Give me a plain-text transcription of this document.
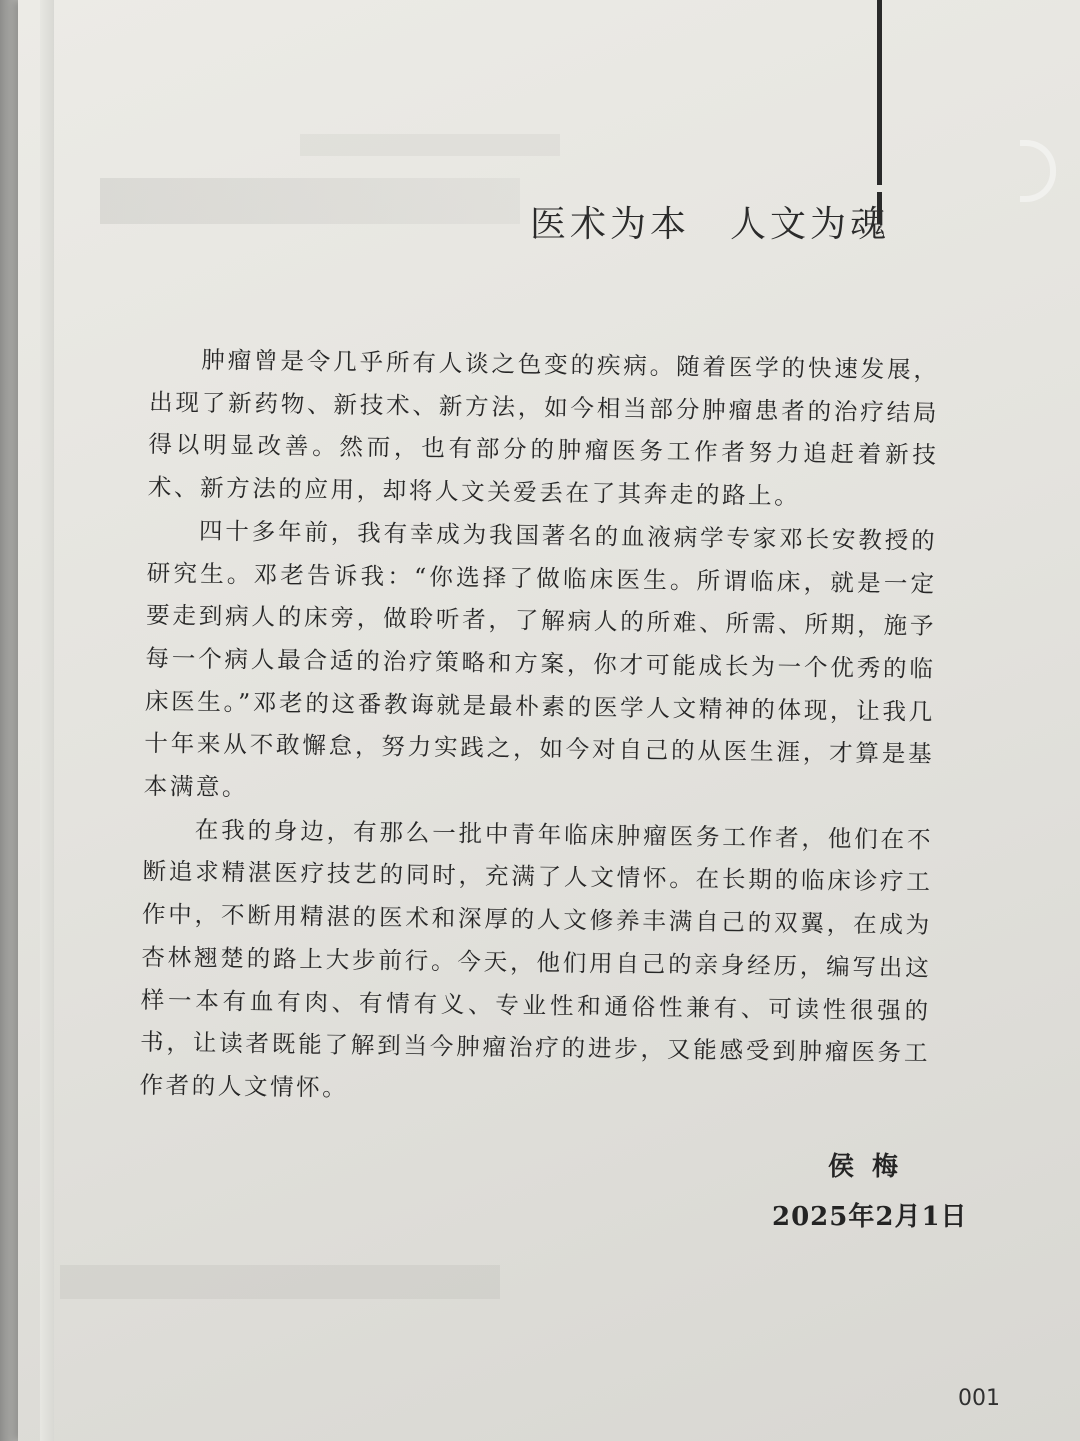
医术为本　人文为魂

肿瘤曾是令几乎所有人谈之色变的疾病。随着医学的快速发展，出现了新药物、新技术、新方法，如今相当部分肿瘤患者的治疗结局得以明显改善。然而，也有部分的肿瘤医务工作者努力追赶着新技术、新方法的应用，却将人文关爱丢在了其奔走的路上。

四十多年前，我有幸成为我国著名的血液病学专家邓长安教授的研究生。邓老告诉我：“你选择了做临床医生。所谓临床，就是一定要走到病人的床旁，做聆听者，了解病人的所难、所需、所期，施予每一个病人最合适的治疗策略和方案，你才可能成长为一个优秀的临床医生。”邓老的这番教诲就是最朴素的医学人文精神的体现，让我几十年来从不敢懈怠，努力实践之，如今对自己的从医生涯，才算是基本满意。

在我的身边，有那么一批中青年临床肿瘤医务工作者，他们在不断追求精湛医疗技艺的同时，充满了人文情怀。在长期的临床诊疗工作中，不断用精湛的医术和深厚的人文修养丰满自己的双翼，在成为杏林翘楚的路上大步前行。今天，他们用自己的亲身经历，编写出这样一本有血有肉、有情有义、专业性和通俗性兼有、可读性很强的书，让读者既能了解到当今肿瘤治疗的进步，又能感受到肿瘤医务工作者的人文情怀。

侯梅
2025年2月1日
001
